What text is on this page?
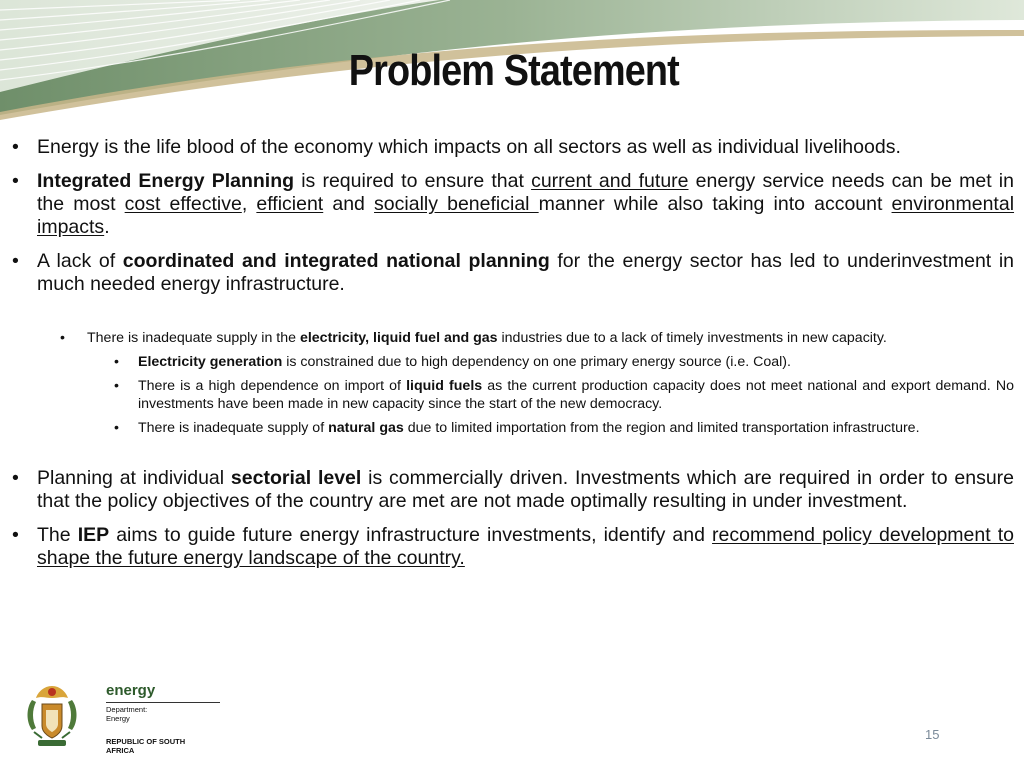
Problem Statement
• Energy is the life blood of the economy which impacts on all sectors as well as individual livelihoods.
• Integrated Energy Planning is required to ensure that current and future energy service needs can be met in the most cost effective, efficient and socially beneficial manner while also taking into account environmental impacts.
• A lack of coordinated and integrated national planning for the energy sector has led to underinvestment in much needed energy infrastructure.
• There is inadequate supply in the electricity, liquid fuel and gas industries due to a lack of timely investments in new capacity.
• Electricity generation is constrained due to high dependency on one primary energy source (i.e. Coal).
• There is a high dependence on import of liquid fuels as the current production capacity does not meet national and export demand. No investments have been made in new capacity since the start of the new democracy.
• There is inadequate supply of natural gas due to limited importation from the region and limited transportation infrastructure.
• Planning at individual sectorial level is commercially driven. Investments which are required in order to ensure that the policy objectives of the country are met are not made optimally resulting in under investment.
• The IEP aims to guide future energy infrastructure investments, identify and recommend policy development to shape the future energy landscape of the country.
energy
Department:
Energy
REPUBLIC OF SOUTH AFRICA
15
